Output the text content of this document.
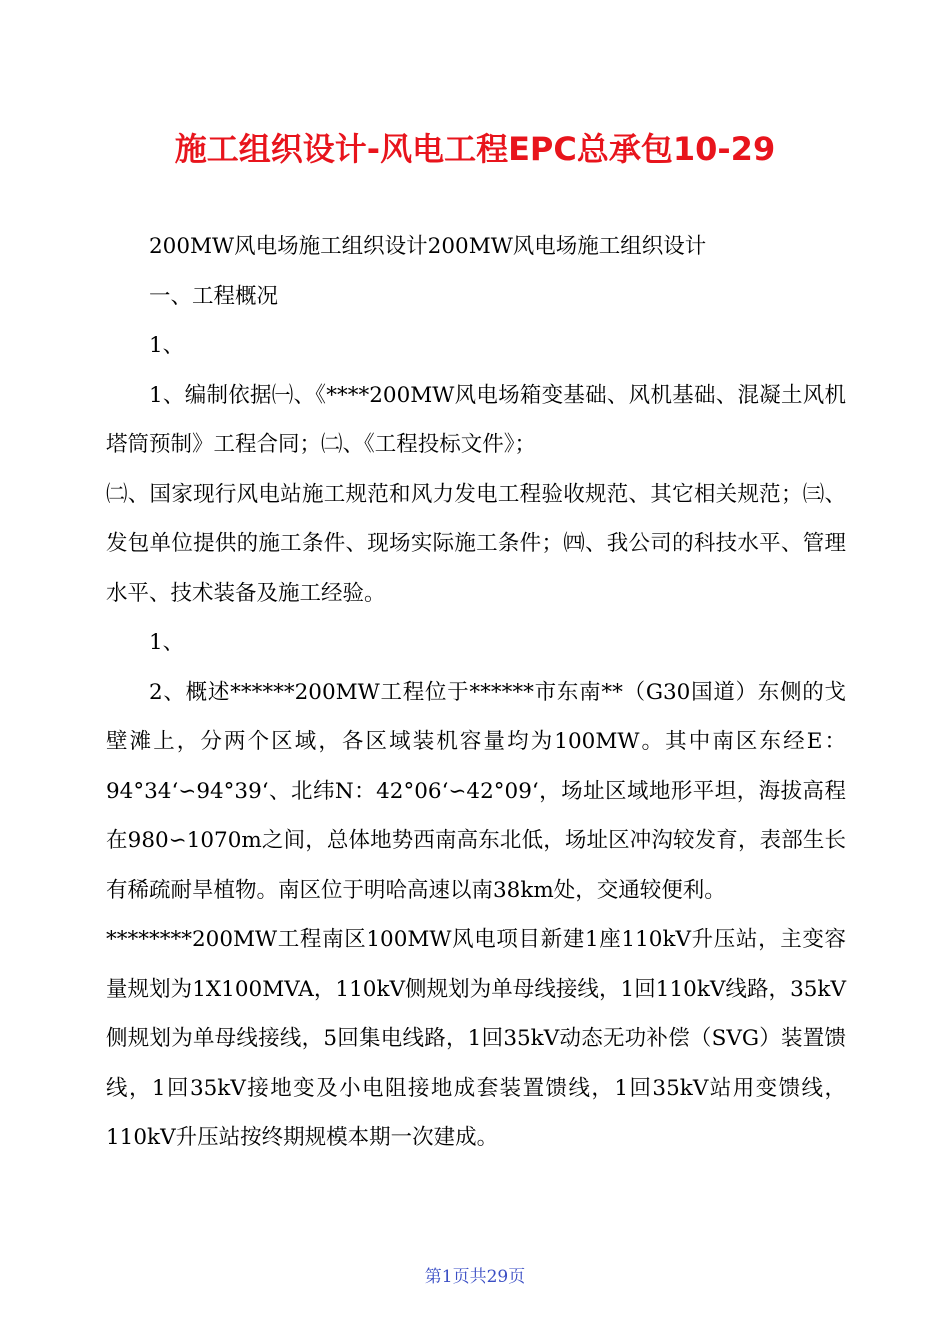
施工组织设计-风电工程EPC总承包10-29

200MW风电场施工组织设计200MW风电场施工组织设计

一、工程概况

1、

1、编制依据㈠、《****200MW风电场箱变基础、风机基础、混凝土风机塔筒预制》工程合同；㈡、《工程投标文件》；

㈡、国家现行风电站施工规范和风力发电工程验收规范、其它相关规范；㈢、发包单位提供的施工条件、现场实际施工条件；㈣、我公司的科技水平、管理水平、技术装备及施工经验。

1、

2、概述******200MW工程位于******市东南**（G30国道）东侧的戈壁滩上，分两个区域，各区域装机容量均为100MW。其中南区东经E：94°34‘∽94°39‘、北纬N：42°06‘∽42°09‘，场址区域地形平坦，海拔高程在980∽1070m之间，总体地势西南高东北低，场址区冲沟较发育，表部生长有稀疏耐旱植物。南区位于明哈高速以南38km处，交通较便利。

********200MW工程南区100MW风电项目新建1座110kV升压站，主变容量规划为1X100MVA，110kV侧规划为单母线接线，1回110kV线路，35kV侧规划为单母线接线，5回集电线路，1回35kV动态无功补偿（SVG）装置馈线，1回35kV接地变及小电阻接地成套装置馈线，1回35kV站用变馈线，110kV升压站按终期规模本期一次建成。

第1页共29页
